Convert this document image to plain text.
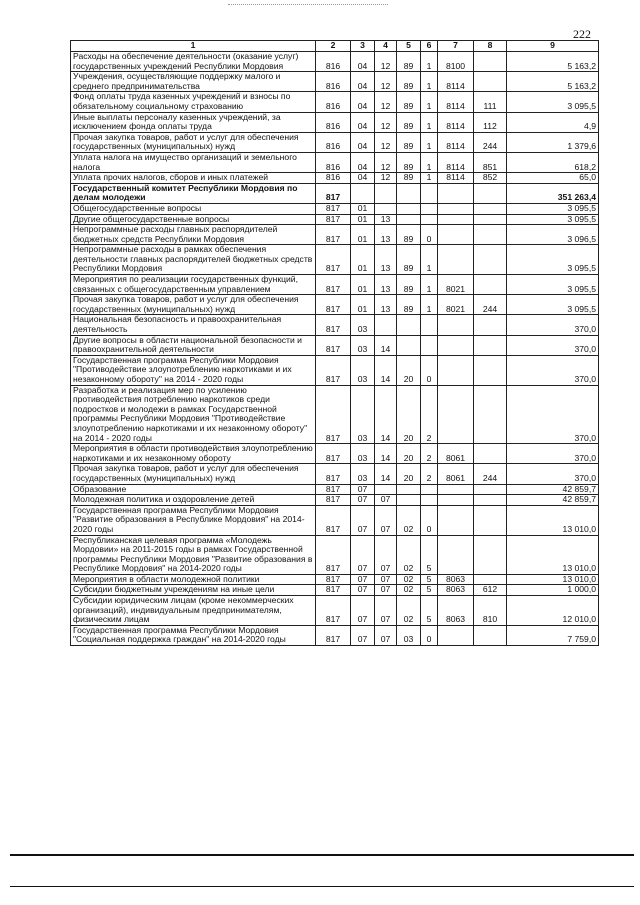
222
1	2	3	4	5	6	7	8	9
Расходы на обеспечение деятельности (оказание услуг) государственных учреждений Республики Мордовия	816	04	12	89	1	8100		5 163,2
Учреждения, осуществляющие поддержку малого и среднего предпринимательства	816	04	12	89	1	8114		5 163,2
Фонд оплаты труда казенных учреждений и взносы по обязательному социальному страхованию	816	04	12	89	1	8114	111	3 095,5
Иные выплаты персоналу казенных учреждений, за исключением фонда оплаты труда	816	04	12	89	1	8114	112	4,9
Прочая закупка товаров, работ и услуг для обеспечения государственных (муниципальных) нужд	816	04	12	89	1	8114	244	1 379,6
Уплата налога на имущество организаций и земельного налога	816	04	12	89	1	8114	851	618,2
Уплата прочих налогов, сборов и иных платежей	816	04	12	89	1	8114	852	65,0
Государственный комитет Республики Мордовия по делам молодежи	817							351 263,4
Общегосударственные вопросы	817	01						3 095,5
Другие общегосударственные вопросы	817	01	13					3 095,5
Непрограммные расходы главных распорядителей бюджетных средств Республики Мордовия	817	01	13	89	0			3 096,5
Непрограммные расходы в рамках обеспечения деятельности главных распорядителей бюджетных средств Республики Мордовия	817	01	13	89	1			3 095,5
Мероприятия по реализации государственных функций, связанных с общегосударственным управлением	817	01	13	89	1	8021		3 095,5
Прочая закупка товаров, работ и услуг для обеспечения государственных (муниципальных) нужд	817	01	13	89	1	8021	244	3 095,5
Национальная безопасность и правоохранительная деятельность	817	03						370,0
Другие вопросы в области национальной безопасности и правоохранительной деятельности	817	03	14					370,0
Государственная программа Республики Мордовия "Противодействие злоупотреблению наркотиками и их незаконному обороту" на 2014 - 2020 годы	817	03	14	20	0			370,0
Разработка и реализация мер по усилению противодействия потреблению наркотиков среди подростков и молодежи в рамках Государственной программы Республики Мордовия "Противодействие злоупотреблению наркотиками и их незаконному обороту" на 2014 - 2020 годы	817	03	14	20	2			370,0
Мероприятия в области противодействия злоупотреблению наркотиками и их незаконному обороту	817	03	14	20	2	8061		370,0
Прочая закупка товаров, работ и услуг для обеспечения государственных (муниципальных) нужд	817	03	14	20	2	8061	244	370,0
Образование	817	07						42 859,7
Молодежная политика и оздоровление детей	817	07	07					42 859,7
Государственная программа Республики Мордовия "Развитие образования в Республике Мордовия" на 2014-2020 годы	817	07	07	02	0			13 010,0
Республиканская целевая программа «Молодежь Мордовии» на 2011-2015 годы в рамках Государственной программы Республики Мордовия "Развитие образования в Республике Мордовия" на 2014-2020 годы	817	07	07	02	5			13 010,0
Мероприятия в области молодежной политики	817	07	07	02	5	8063		13 010,0
Субсидии бюджетным учреждениям на иные цели	817	07	07	02	5	8063	612	1 000,0
Субсидии юридическим лицам (кроме некоммерческих организаций), индивидуальным предпринимателям, физическим лицам	817	07	07	02	5	8063	810	12 010,0
Государственная программа Республики Мордовия "Социальная поддержка граждан" на 2014-2020 годы	817	07	07	03	0			7 759,0
